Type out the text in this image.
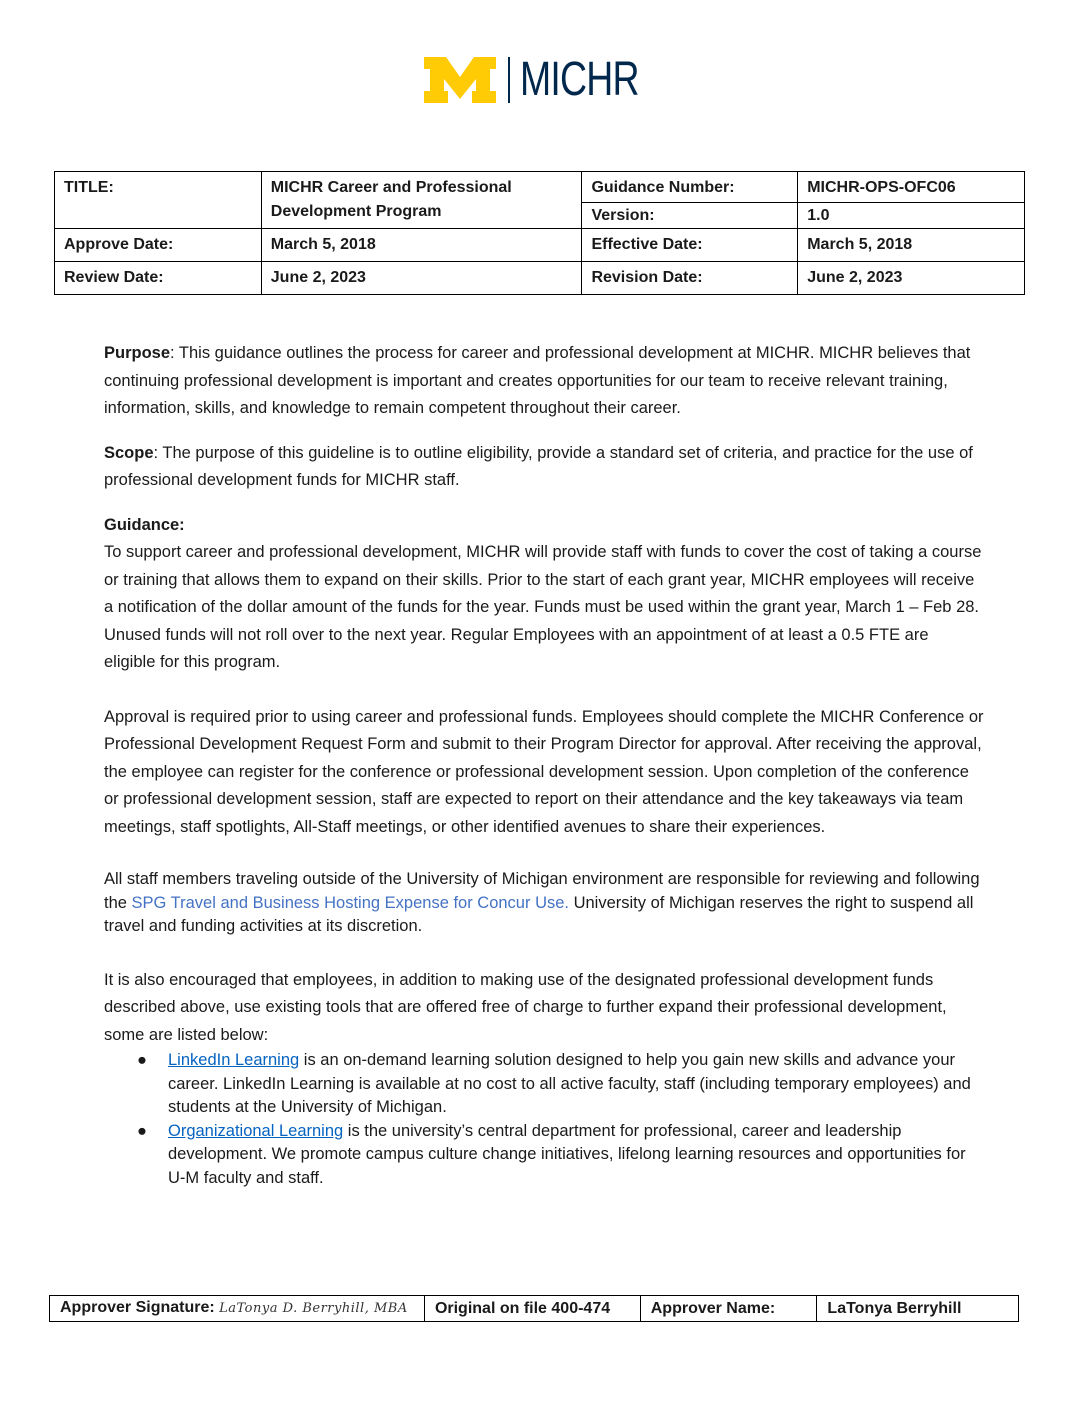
MICHR
TITLE:	MICHR Career and Professional Development Program	Guidance Number:	MICHR-OPS-OFC06
		Version:	1.0
Approve Date:	March 5, 2018	Effective Date:	March 5, 2018
Review Date:	June 2, 2023	Revision Date:	June 2, 2023

Purpose: This guidance outlines the process for career and professional development at MICHR. MICHR believes that continuing professional development is important and creates opportunities for our team to receive relevant training, information, skills, and knowledge to remain competent throughout their career.

Scope: The purpose of this guideline is to outline eligibility, provide a standard set of criteria, and practice for the use of professional development funds for MICHR staff.

Guidance:

To support career and professional development, MICHR will provide staff with funds to cover the cost of taking a course or training that allows them to expand on their skills. Prior to the start of each grant year, MICHR employees will receive a notification of the dollar amount of the funds for the year. Funds must be used within the grant year, March 1 – Feb 28. Unused funds will not roll over to the next year. Regular Employees with an appointment of at least a 0.5 FTE are eligible for this program.

Approval is required prior to using career and professional funds. Employees should complete the MICHR Conference or Professional Development Request Form and submit to their Program Director for approval. After receiving the approval, the employee can register for the conference or professional development session. Upon completion of the conference or professional development session, staff are expected to report on their attendance and the key takeaways via team meetings, staff spotlights, All-Staff meetings, or other identified avenues to share their experiences.

All staff members traveling outside of the University of Michigan environment are responsible for reviewing and following the SPG Travel and Business Hosting Expense for Concur Use. University of Michigan reserves the right to suspend all travel and funding activities at its discretion.

It is also encouraged that employees, in addition to making use of the designated professional development funds described above, use existing tools that are offered free of charge to further expand their professional development, some are listed below:

● LinkedIn Learning is an on-demand learning solution designed to help you gain new skills and advance your career. LinkedIn Learning is available at no cost to all active faculty, staff (including temporary employees) and students at the University of Michigan.
● Organizational Learning is the university’s central department for professional, career and leadership development. We promote campus culture change initiatives, lifelong learning resources and opportunities for U-M faculty and staff.
Approver Signature: LaTonya D. Berryhill, MBA	Original on file 400-474	Approver Name:	LaTonya Berryhill
